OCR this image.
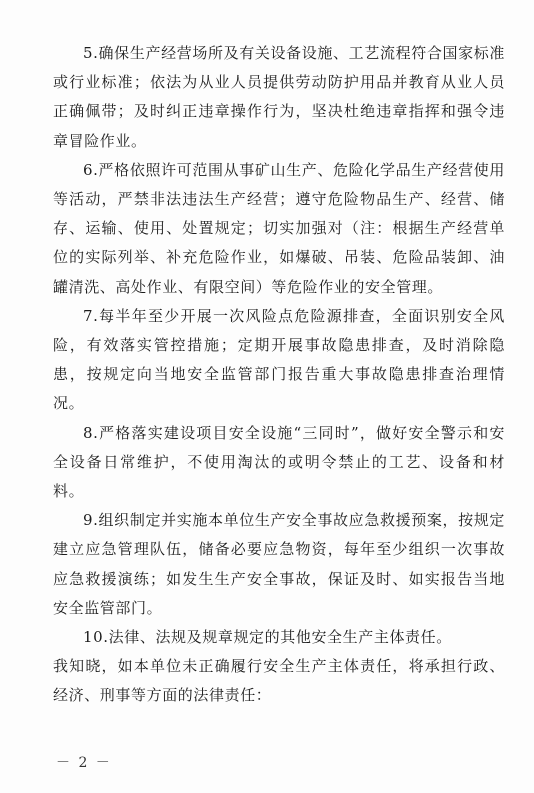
5.确保生产经营场所及有关设备设施、工艺流程符合国家标准或行业标准；依法为从业人员提供劳动防护用品并教育从业人员正确佩带；及时纠正违章操作行为，坚决杜绝违章指挥和强令违章冒险作业。

6.严格依照许可范围从事矿山生产、危险化学品生产经营使用等活动，严禁非法违法生产经营；遵守危险物品生产、经营、储存、运输、使用、处置规定；切实加强对（注：根据生产经营单位的实际列举、补充危险作业，如爆破、吊装、危险品装卸、油罐清洗、高处作业、有限空间）等危险作业的安全管理。

7.每半年至少开展一次风险点危险源排查，全面识别安全风险，有效落实管控措施；定期开展事故隐患排查，及时消除隐患，按规定向当地安全监管部门报告重大事故隐患排查治理情况。

8.严格落实建设项目安全设施“三同时”，做好安全警示和安全设备日常维护，不使用淘汰的或明令禁止的工艺、设备和材料。

9.组织制定并实施本单位生产安全事故应急救援预案，按规定建立应急管理队伍，储备必要应急物资，每年至少组织一次事故应急救援演练；如发生生产安全事故，保证及时、如实报告当地安全监管部门。

10.法律、法规及规章规定的其他安全生产主体责任。

我知晓，如本单位未正确履行安全生产主体责任，将承担行政、经济、刑事等方面的法律责任：

－ 2 －
